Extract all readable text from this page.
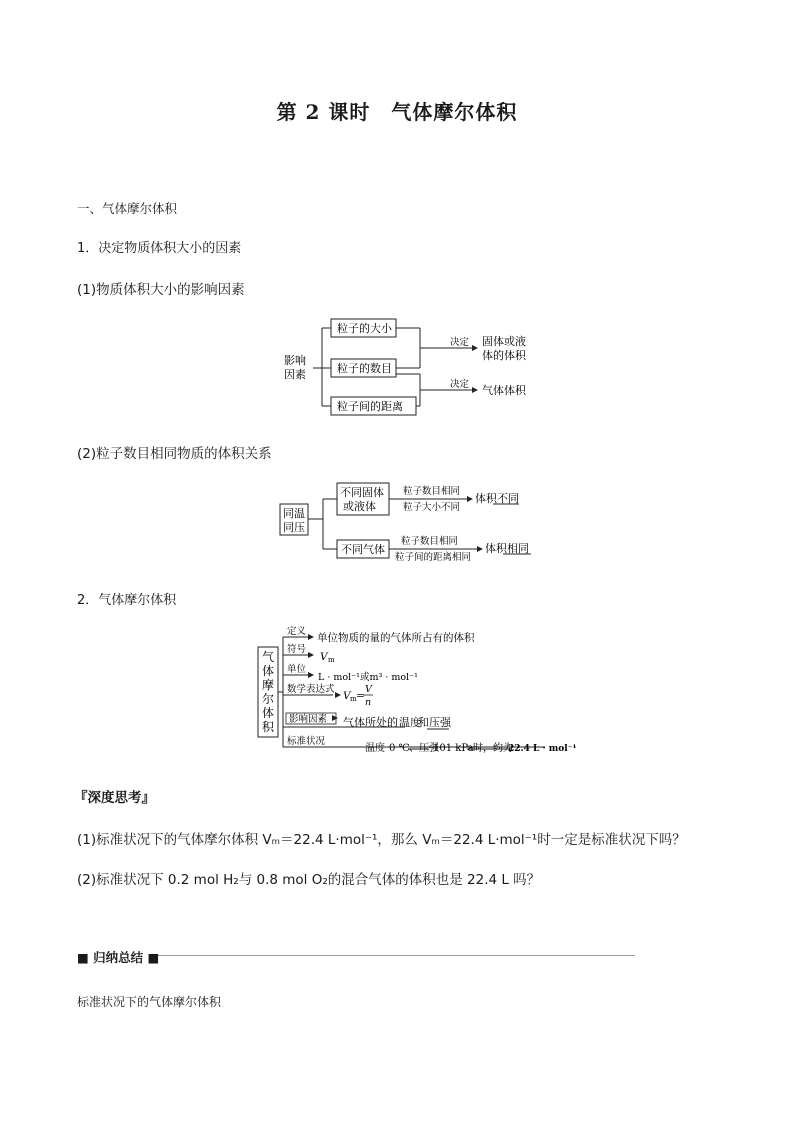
第 2 课时　气体摩尔体积
一、气体摩尔体积
1．决定物质体积大小的因素
(1)物质体积大小的影响因素
影响
因素
粒子的大小
粒子的数目
粒子间的距离
决定 固体或液
体的体积
决定 气体体积
(2)粒子数目相同物质的体积关系
同温
同压
不同固体
或液体
粒子数目相同
粒子大小不同
体积 不同
不同气体
粒子数目相同
粒子间的距离相同
体积 相同
2．气体摩尔体积
气
体
摩
尔
体
积
定义
单位物质的量的气体所占有的体积
符号
V m
单位
L · mol⁻¹或m³ · mol⁻¹
数学表达式
V m =
V
n
影响因素 气体所处的 温度
和 压强
标准状况
温度 0 ℃ 、压强
101 kPa 时，约为
22.4 L · mol⁻¹
『深度思考』
(1)标准状况下的气体摩尔体积 Vₘ＝22.4 L·mol⁻¹，那么 Vₘ＝22.4 L·mol⁻¹时一定是标准状况下吗？
(2)标准状况下 0.2 mol H₂与 0.8 mol O₂的混合气体的体积也是 22.4 L 吗？
■ 归纳总结 ■
标准状况下的气体摩尔体积
